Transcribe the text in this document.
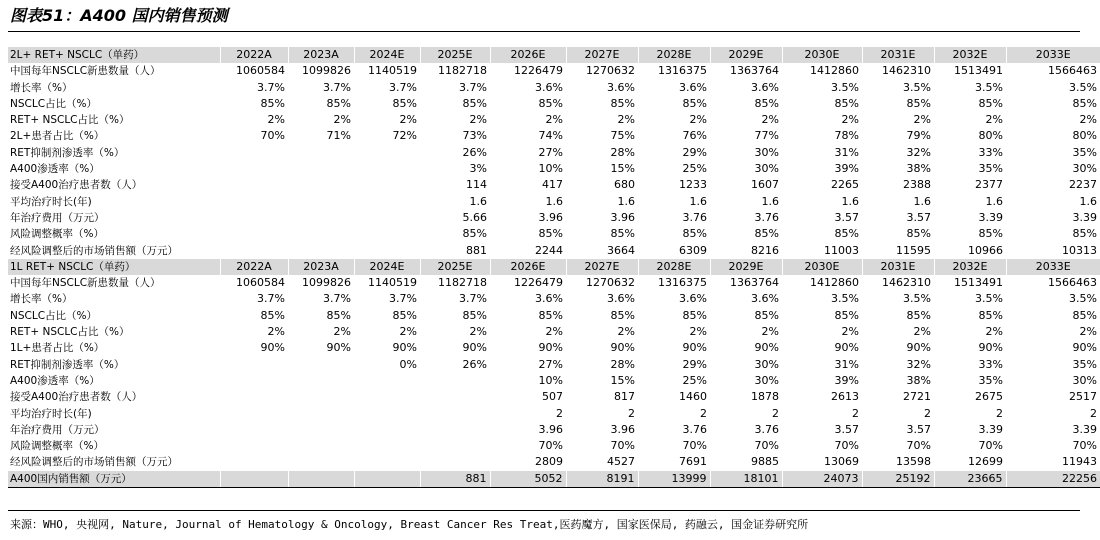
图表51：A400 国内销售预测
2L+ RET+ NSCLC（单药）	2022A	2023A	2024E	2025E	2026E	2027E	2028E	2029E	2030E	2031E	2032E	2033E
中国每年NSCLC新患数量（人）	1060584	1099826	1140519	1182718	1226479	1270632	1316375	1363764	1412860	1462310	1513491	1566463
增长率（%）	3.7%	3.7%	3.7%	3.7%	3.6%	3.6%	3.6%	3.6%	3.5%	3.5%	3.5%	3.5%
NSCLC占比（%）	85%	85%	85%	85%	85%	85%	85%	85%	85%	85%	85%	85%
RET+ NSCLC占比（%）	2%	2%	2%	2%	2%	2%	2%	2%	2%	2%	2%	2%
2L+患者占比（%）	70%	71%	72%	73%	74%	75%	76%	77%	78%	79%	80%	80%
RET抑制剂渗透率（%）				26%	27%	28%	29%	30%	31%	32%	33%	35%
A400渗透率（%）				3%	10%	15%	25%	30%	39%	38%	35%	30%
接受A400治疗患者数（人）				114	417	680	1233	1607	2265	2388	2377	2237
平均治疗时长(年)				1.6	1.6	1.6	1.6	1.6	1.6	1.6	1.6	1.6
年治疗费用（万元）				5.66	3.96	3.96	3.76	3.76	3.57	3.57	3.39	3.39
风险调整概率（%）				85%	85%	85%	85%	85%	85%	85%	85%	85%
经风险调整后的市场销售额（万元）				881	2244	3664	6309	8216	11003	11595	10966	10313
1L RET+ NSCLC（单药）	2022A	2023A	2024E	2025E	2026E	2027E	2028E	2029E	2030E	2031E	2032E	2033E
中国每年NSCLC新患数量（人）	1060584	1099826	1140519	1182718	1226479	1270632	1316375	1363764	1412860	1462310	1513491	1566463
增长率（%）	3.7%	3.7%	3.7%	3.7%	3.6%	3.6%	3.6%	3.6%	3.5%	3.5%	3.5%	3.5%
NSCLC占比（%）	85%	85%	85%	85%	85%	85%	85%	85%	85%	85%	85%	85%
RET+ NSCLC占比（%）	2%	2%	2%	2%	2%	2%	2%	2%	2%	2%	2%	2%
1L+患者占比（%）	90%	90%	90%	90%	90%	90%	90%	90%	90%	90%	90%	90%
RET抑制剂渗透率（%）			0%	26%	27%	28%	29%	30%	31%	32%	33%	35%
A400渗透率（%）					10%	15%	25%	30%	39%	38%	35%	30%
接受A400治疗患者数（人）					507	817	1460	1878	2613	2721	2675	2517
平均治疗时长(年)					2	2	2	2	2	2	2	2
年治疗费用（万元）					3.96	3.96	3.76	3.76	3.57	3.57	3.39	3.39
风险调整概率（%）					70%	70%	70%	70%	70%	70%	70%	70%
经风险调整后的市场销售额（万元）					2809	4527	7691	9885	13069	13598	12699	11943
A400国内销售额（万元）				881	5052	8191	13999	18101	24073	25192	23665	22256
来源：WHO, 央视网, Nature, Journal of Hematology & Oncology, Breast Cancer Res Treat,医药魔方, 国家医保局, 药融云, 国金证券研究所
